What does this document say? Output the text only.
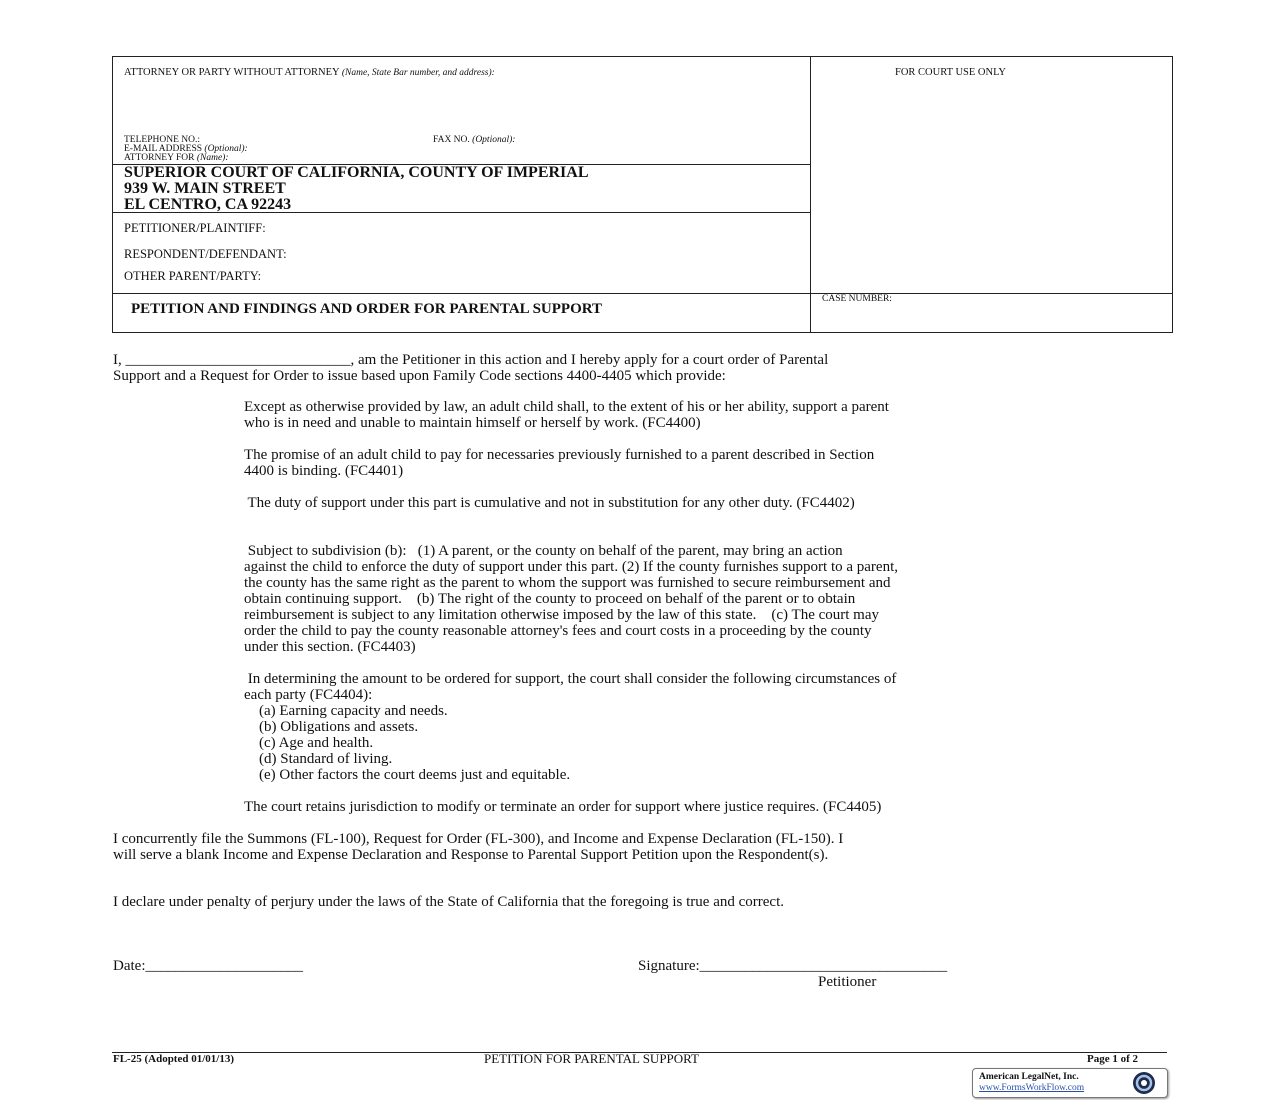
ATTORNEY OR PARTY WITHOUT ATTORNEY (Name, State Bar number, and address):	FOR COURT USE ONLY
TELEPHONE NO.:	FAX NO. (Optional):
E-MAIL ADDRESS (Optional):
ATTORNEY FOR (Name):
SUPERIOR COURT OF CALIFORNIA, COUNTY OF IMPERIAL
939 W. MAIN STREET
EL CENTRO, CA 92243
PETITIONER/PLAINTIFF:
RESPONDENT/DEFENDANT:
OTHER PARENT/PARTY:
PETITION AND FINDINGS AND ORDER FOR PARENTAL SUPPORT
CASE NUMBER:
I, ______________________________, am the Petitioner in this action and I hereby apply for a court order of Parental
Support and a Request for Order to issue based upon Family Code sections 4400-4405 which provide:
Except as otherwise provided by law, an adult child shall, to the extent of his or her ability, support a parent
who is in need and unable to maintain himself or herself by work. (FC4400)
The promise of an adult child to pay for necessaries previously furnished to a parent described in Section
4400 is binding. (FC4401)
The duty of support under this part is cumulative and not in substitution for any other duty. (FC4402)
Subject to subdivision (b):   (1) A parent, or the county on behalf of the parent, may bring an action
against the child to enforce the duty of support under this part. (2) If the county furnishes support to a parent,
the county has the same right as the parent to whom the support was furnished to secure reimbursement and
obtain continuing support.    (b) The right of the county to proceed on behalf of the parent or to obtain
reimbursement is subject to any limitation otherwise imposed by the law of this state.    (c) The court may
order the child to pay the county reasonable attorney's fees and court costs in a proceeding by the county
under this section. (FC4403)
In determining the amount to be ordered for support, the court shall consider the following circumstances of
each party (FC4404):
(a) Earning capacity and needs.
(b) Obligations and assets.
(c) Age and health.
(d) Standard of living.
(e) Other factors the court deems just and equitable.
The court retains jurisdiction to modify or terminate an order for support where justice requires. (FC4405)
I concurrently file the Summons (FL-100), Request for Order (FL-300), and Income and Expense Declaration (FL-150). I
will serve a blank Income and Expense Declaration and Response to Parental Support Petition upon the Respondent(s).
I declare under penalty of perjury under the laws of the State of California that the foregoing is true and correct.
Date:_____________________	Signature:_________________________________
Petitioner
FL-25 (Adopted 01/01/13)	PETITION FOR PARENTAL SUPPORT	Page 1 of 2
American LegalNet, Inc.
www.FormsWorkFlow.com
